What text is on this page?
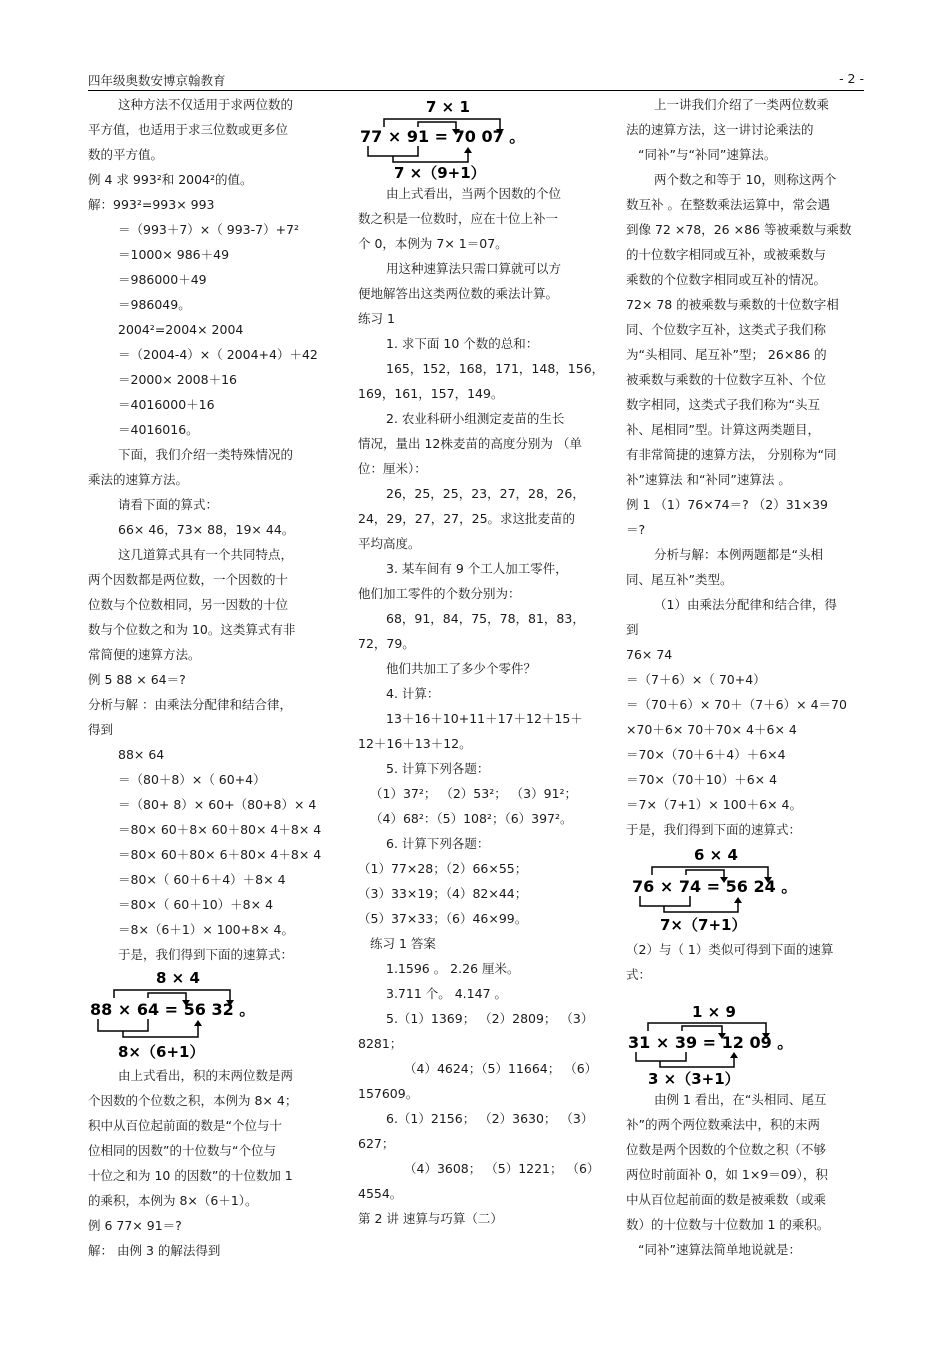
四年级奥数安博京翰教育	- 2 -
这种方法不仅适用于求两位数的
平方值，也适用于求三位数或更多位
数的平方值。
例 4 求 993²和 2004²的值。
解：993²=993× 993
＝（993＋7）×（ 993-7）+7²
＝1000× 986＋49
＝986000＋49
＝986049。
2004²=2004× 2004
＝（2004-4）×（ 2004+4）＋42
＝2000× 2008＋16
＝4016000＋16
＝4016016。
下面，我们介绍一类特殊情况的
乘法的速算方法。
请看下面的算式：
66× 46，73× 88，19× 44。
这几道算式具有一个共同特点，
两个因数都是两位数，一个因数的十
位数与个位数相同，另一因数的十位
数与个位数之和为 10。这类算式有非
常简便的速算方法。
例 5 88 × 64＝?
分析与解 ：由乘法分配律和结合律，
得到
88× 64
＝（80＋8）×（ 60+4）
＝（80+ 8）× 60+（80+8）× 4
＝80× 60＋8× 60＋80× 4＋8× 4
＝80× 60＋80× 6＋80× 4＋8× 4
＝80×（ 60＋6＋4）＋8× 4
＝80×（ 60＋10）＋8× 4
＝8×（6＋1）× 100+8× 4。
于是，我们得到下面的速算式：
8 × 4
88 × 64 = 56 32 。
8×（6+1）
由上式看出，积的末两位数是两
个因数的个位数之积，本例为 8× 4；
积中从百位起前面的数是“个位与十
位相同的因数”的十位数与“个位与
十位之和为 10 的因数”的十位数加 1
的乘积，本例为 8×（6＋1）。
例 6 77× 91＝?
解： 由例 3 的解法得到
7 × 1
77 × 91 = 70 07 。
7 ×（9+1）
由上式看出，当两个因数的个位
数之积是一位数时，应在十位上补一
个 0，本例为 7× 1＝07。
用这种速算法只需口算就可以方
便地解答出这类两位数的乘法计算。
练习 1
1. 求下面 10 个数的总和：
165，152，168，171，148，156，
169，161，157，149。
2. 农业科研小组测定麦苗的生长
情况，量出 12株麦苗的高度分别为 （单
位：厘米）：
26，25，25，23，27，28，26，
24，29，27，27，25。求这批麦苗的
平均高度。
3. 某车间有 9 个工人加工零件，
他们加工零件的个数分别为：
68，91，84，75，78，81，83，
72，79。
他们共加工了多少个零件？
4. 计算：
13＋16＋10+11＋17＋12＋15＋
12＋16＋13＋12。
5. 计算下列各题：
（1）37²； （2）53²； （3）91²；
（4）68²：（5）108²；（6）397²。
6. 计算下列各题：
（1）77×28；（2）66×55；
（3）33×19；（4）82×44；
（5）37×33；（6）46×99。
练习 1 答案
1.1596 。 2.26 厘米。
3.711 个。 4.147 。
5.（1）1369； （2）2809； （3）
8281；
（4）4624；（5）11664； （6）
157609。
6.（1）2156； （2）3630； （3）
627；
（4）3608； （5）1221； （6）
4554。
第 2 讲 速算与巧算（二）
上一讲我们介绍了一类两位数乘
法的速算方法，这一讲讨论乘法的
“同补”与“补同”速算法。
两个数之和等于 10，则称这两个
数互补 。在整数乘法运算中，常会遇
到像 72 ×78，26 ×86 等被乘数与乘数
的十位数字相同或互补，或被乘数与
乘数的个位数字相同或互补的情况。
72× 78 的被乘数与乘数的十位数字相
同、个位数字互补，这类式子我们称
为“头相同、尾互补”型； 26×86 的
被乘数与乘数的十位数字互补、个位
数字相同，这类式子我们称为“头互
补、尾相同”型。计算这两类题目，
有非常简捷的速算方法， 分别称为“同
补”速算法 和“补同”速算法 。
例 1 （1）76×74＝? （2）31×39
＝?
分析与解：本例两题都是“头相
同、尾互补”类型。
（1）由乘法分配律和结合律，得
到
76× 74
＝（7＋6）×（ 70+4）
＝（70＋6）× 70＋（7＋6）× 4＝70
×70＋6× 70＋70× 4＋6× 4
＝70×（70＋6＋4）＋6×4
＝70×（70＋10）＋6× 4
＝7×（7+1）× 100＋6× 4。
于是，我们得到下面的速算式：
6 × 4
76 × 74 = 56 24 。
7×（7+1）
（2）与（ 1）类似可得到下面的速算
式：
1 × 9
31 × 39 = 12 09 。
3 ×（3+1）
由例 1 看出，在“头相同、尾互
补”的两个两位数乘法中，积的末两
位数是两个因数的个位数之积（不够
两位时前面补 0，如 1×9＝09），积
中从百位起前面的数是被乘数（或乘
数）的十位数与十位数加 1 的乘积。
“同补”速算法简单地说就是：
